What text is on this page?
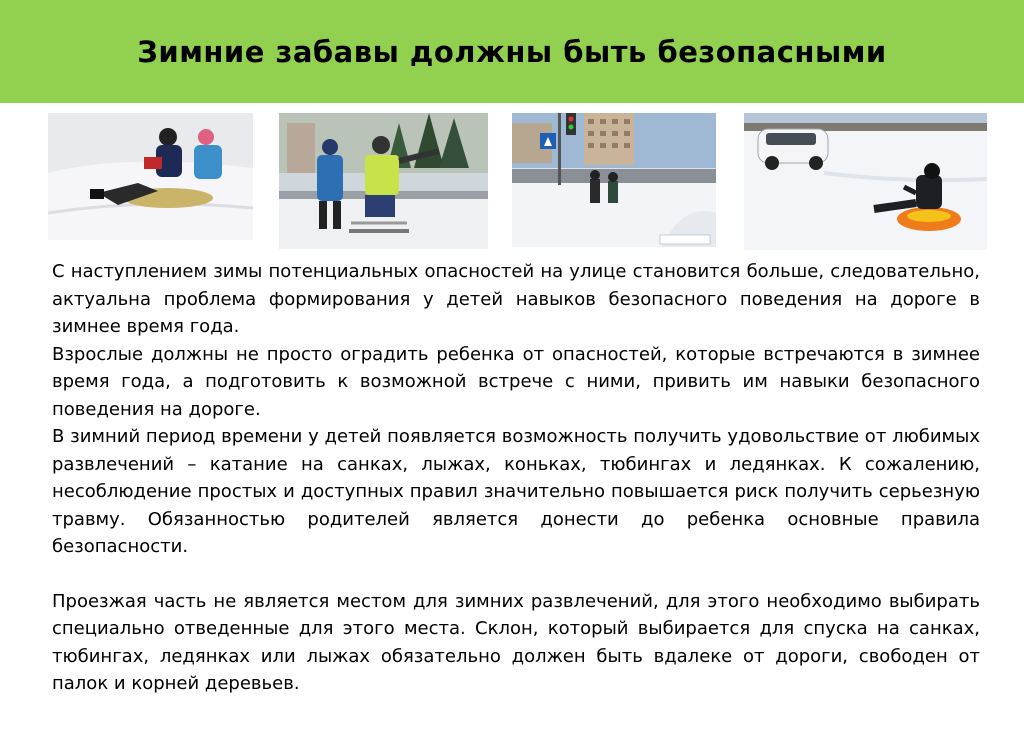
Зимние забавы должны быть безопасными

С наступлением зимы потенциальных опасностей на улице становится больше, следовательно, актуальна проблема формирования у детей навыков безопасного поведения на дороге в зимнее время года.

Взрослые должны не просто оградить ребенка от опасностей, которые встречаются в зимнее время года, а подготовить к возможной встрече с ними, привить им навыки безопасного поведения на дороге.

В зимний период времени у детей появляется возможность получить удовольствие от любимых развлечений – катание на санках, лыжах, коньках, тюбингах и ледянках. К сожалению, несоблюдение простых и доступных правил значительно повышается риск получить серьезную травму. Обязанностью родителей является донести до ребенка основные правила безопасности.

Проезжая часть не является местом для зимних развлечений, для этого необходимо выбирать специально отведенные для этого места. Склон, который выбирается для спуска на санках, тюбингах, ледянках или лыжах обязательно должен быть вдалеке от дороги, свободен от палок и корней деревьев.
